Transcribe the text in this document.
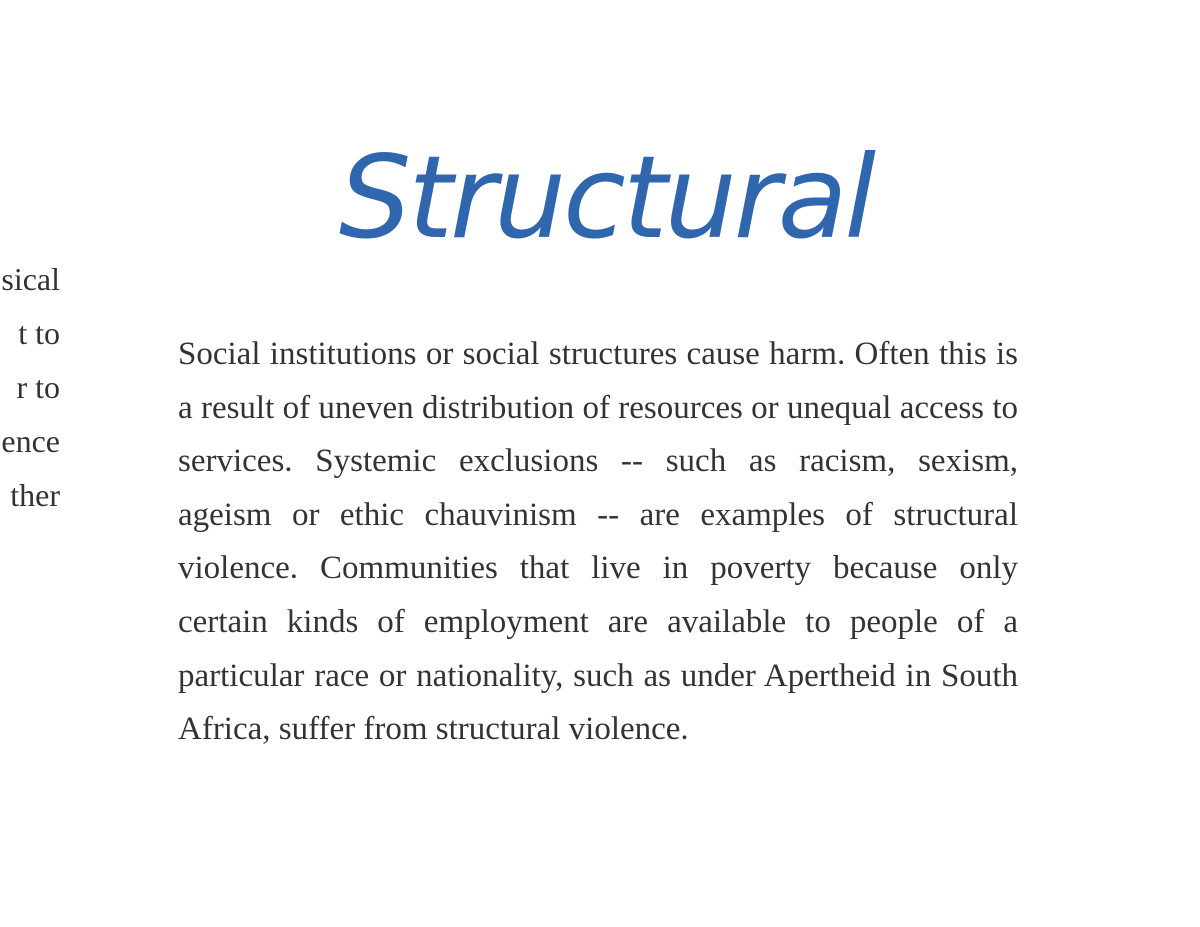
sical
t to
r to
ence
ther
Structural

Social institutions or social structures cause harm. Often this is a result of uneven distribution of resources or unequal access to services. Systemic exclusions -- such as racism, sexism, ageism or ethic chauvinism -- are examples of structural violence. Communities that live in poverty because only certain kinds of employment are available to people of a particular race or nationality, such as under Apertheid in South Africa, suffer from structural violence.
